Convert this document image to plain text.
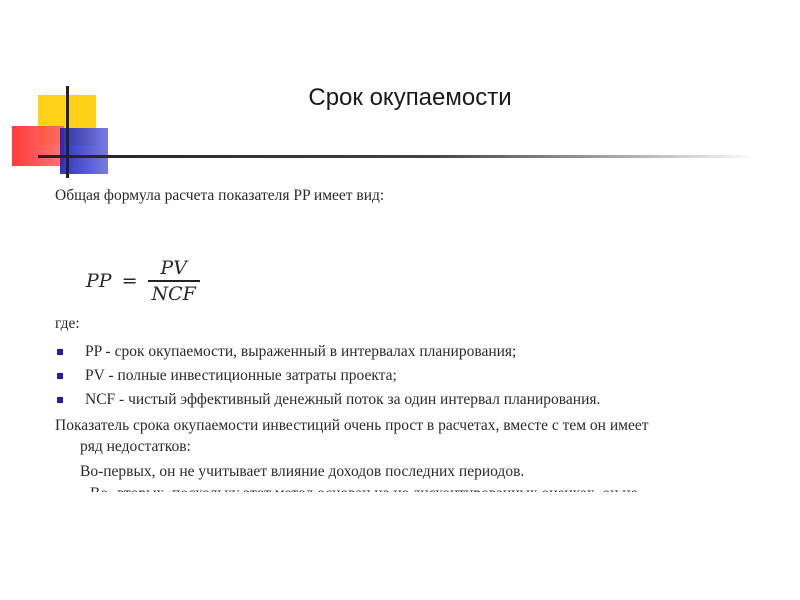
Срок окупаемости
Общая формула расчета показателя PP имеет вид:
PP = $\frac{PV}{\text{NCF}}$
где:
PP - срок окупаемости, выраженный в интервалах планирования;
PV - полные инвестиционные затраты проекта;
NCF - чистый эффективный денежный поток за один интервал планирования.
Показатель срока окупаемости инвестиций очень прост в расчетах, вместе с тем он имеет
ряд недостатков:
Во-первых, он не учитывает влияние доходов последних периодов.
